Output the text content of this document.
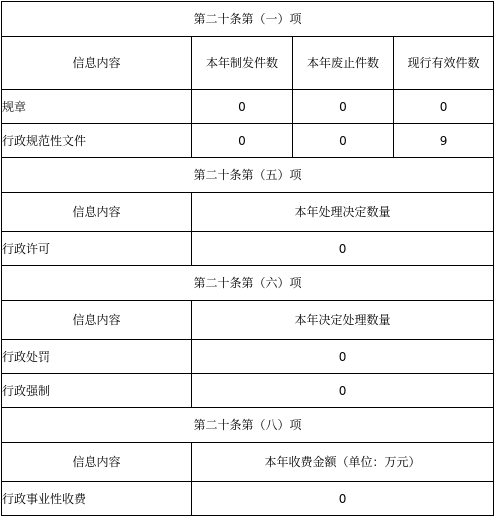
第二十条第（一）项			
信息内容	本年制发件数	本年废止件数	现行有效件数
规章	0	0	0
行政规范性文件	0	0	9
第二十条第（五）项			
信息内容	本年处理决定数量		
行政许可	0		
第二十条第（六）项			
信息内容	本年决定处理数量		
行政处罚	0		
行政强制	0		
第二十条第（八）项			
信息内容	本年收费金额（单位：万元）		
行政事业性收费	0		
